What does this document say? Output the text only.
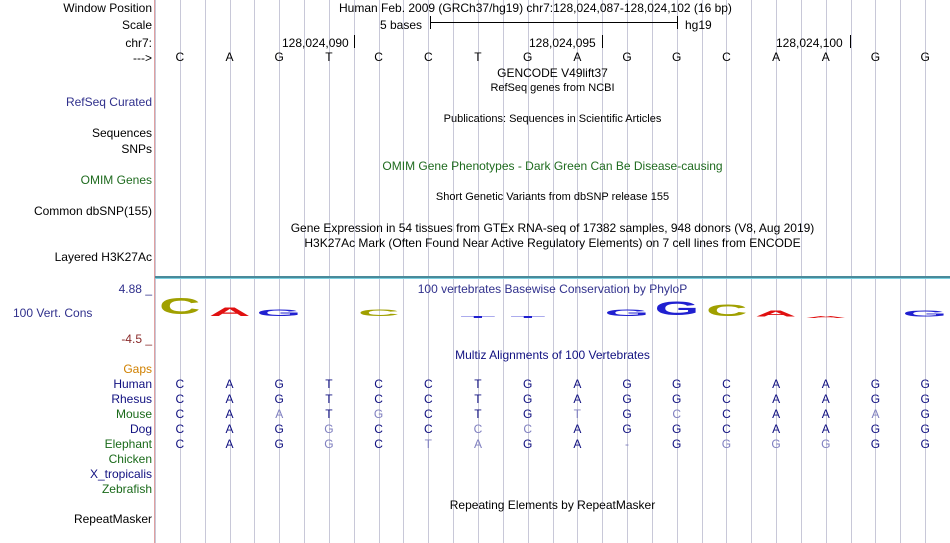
Window Position	Human Feb. 2009 (GRCh37/hg19) chr7:128,024,087-128,024,102 (16 bp)
Scale	5 bases	hg19
chr7:	128,024,090	128,024,095	128,024,100
--->	C	A	G	T	C	C	T	G	A	G	G	C	A	A	G	G
GENCODE V49lift37
RefSeq genes from NCBI
RefSeq Curated
Sequences
Publications: Sequences in Scientific Articles
SNPs
OMIM Gene Phenotypes - Dark Green Can Be Disease-causing
OMIM Genes
Short Genetic Variants from dbSNP release 155
Common dbSNP(155)
Gene Expression in 54 tissues from GTEx RNA-seq of 17382 samples, 948 donors (V8, Aug 2019)
H3K27Ac Mark (Often Found Near Active Regulatory Elements) on 7 cell lines from ENCODE
Layered H3K27Ac
100 vertebrates Basewise Conservation by PhyloP
4.88 _
100 Vert. Cons
-4.5 _
C A G	C	T T	G G C A A	G
Multiz Alignments of 100 Vertebrates
Gaps
Human	C	A	G	T	C	C	T	G	A	G	G	C	A	A	G	G
Rhesus	C	A	G	T	C	C	T	G	A	G	G	C	A	A	G	G
Mouse	C	A	A	T	G	C	T	G	T	G	C	C	A	A	A	G
Dog	C	A	G	G	C	C	C	C	A	G	G	C	A	A	G	G
Elephant	C	A	G	G	C	T	A	G	A	-	G	G	G	G	G	G
Chicken
X_tropicalis
Zebrafish
Repeating Elements by RepeatMasker
RepeatMasker
